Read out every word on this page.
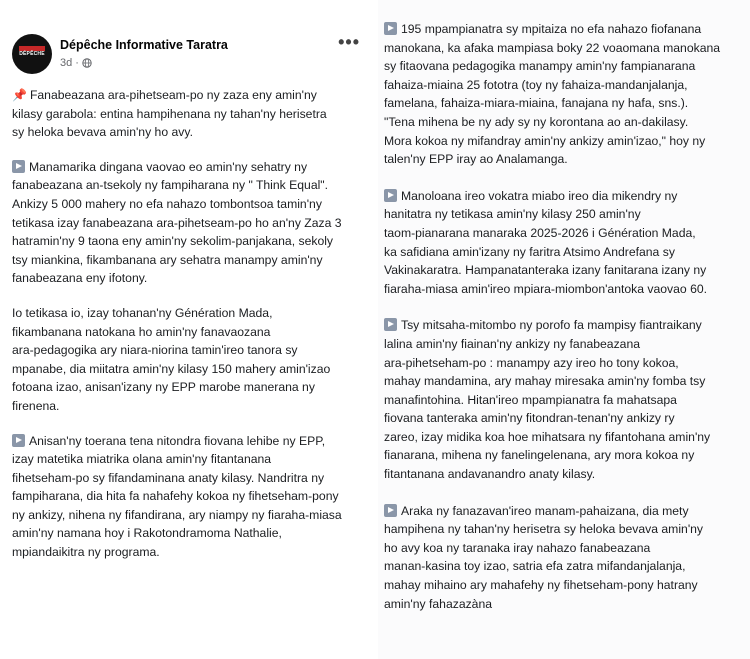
DÉPÊCHE
Dépêche Informative Taratra
3d ·
•••
📌 Fanabeazana ara-pihetseam-po ny zaza eny amin'ny
kilasy garabola: entina hampihenana ny tahan'ny herisetra
sy heloka bevava amin'ny ho avy.
Manamarika dingana vaovao eo amin'ny sehatry ny
fanabeazana an-tsekoly ny fampiharana ny " Think Equal".
Ankizy 5 000 mahery no efa nahazo tombontsoa tamin'ny
tetikasa izay fanabeazana ara-pihetseam-po ho an'ny Zaza 3
hatramin'ny 9 taona eny amin'ny sekolim-panjakana, sekoly
tsy miankina, fikambanana ary sehatra manampy amin'ny
fanabeazana eny ifotony.
Io tetikasa io, izay tohanan'ny Génération Mada,
fikambanana natokana ho amin'ny fanavaozana
ara-pedagogika ary niara-niorina tamin'ireo tanora sy
mpanabe, dia miitatra amin'ny kilasy 150 mahery amin'izao
fotoana izao, anisan'izany ny EPP marobe manerana ny
firenena.
Anisan'ny toerana tena nitondra fiovana lehibe ny EPP,
izay matetika miatrika olana amin'ny fitantanana
fihetseham-po sy fifandaminana anaty kilasy. Nandritra ny
fampiharana, dia hita fa nahafehy kokoa ny fihetseham-pony
ny ankizy, nihena ny fifandirana, ary niampy ny fiaraha-miasa
amin'ny namana hoy i Rakotondramoma Nathalie,
mpiandaikitra ny programa.
195 mpampianatra sy mpitaiza no efa nahazo fiofanana
manokana, ka afaka mampiasa boky 22 voaomana manokana
sy fitaovana pedagogika manampy amin'ny fampianarana
fahaiza-miaina 25 fototra (toy ny fahaiza-mandanjalanja,
famelana, fahaiza-miara-miaina, fanajana ny hafa, sns.).
"Tena mihena be ny ady sy ny korontana ao an-dakilasy.
Mora kokoa ny mifandray amin'ny ankizy amin'izao," hoy ny
talen'ny EPP iray ao Analamanga.
Manoloana ireo vokatra miabo ireo dia mikendry ny
hanitatra ny tetikasa amin'ny kilasy 250 amin'ny
taom-pianarana manaraka 2025-2026 i Génération Mada,
ka safidiana amin'izany ny faritra Atsimo Andrefana sy
Vakinakaratra. Hampanatanteraka izany fanitarana izany ny
fiaraha-miasa amin'ireo mpiara-miombon'antoka vaovao 60.
Tsy mitsaha-mitombo ny porofo fa mampisy fiantraikany
lalina amin'ny fiainan'ny ankizy ny fanabeazana
ara-pihetseham-po : manampy azy ireo ho tony kokoa,
mahay mandamina, ary mahay miresaka amin'ny fomba tsy
manafintohina. Hitan'ireo mpampianatra fa mahatsapa
fiovana tanteraka amin'ny fitondran-tenan'ny ankizy ry
zareo, izay midika koa hoe mihatsara ny fifantohana amin'ny
fianarana, mihena ny fanelingelenana, ary mora kokoa ny
fitantanana andavanandro anaty kilasy.
Araka ny fanazavan'ireo manam-pahaizana, dia mety
hampihena ny tahan'ny herisetra sy heloka bevava amin'ny
ho avy koa ny taranaka iray nahazo fanabeazana
manan-kasina toy izao, satria efa zatra mifandanjalanja,
mahay mihaino ary mahafehy ny fihetseham-pony hatrany
amin'ny fahazazàna
